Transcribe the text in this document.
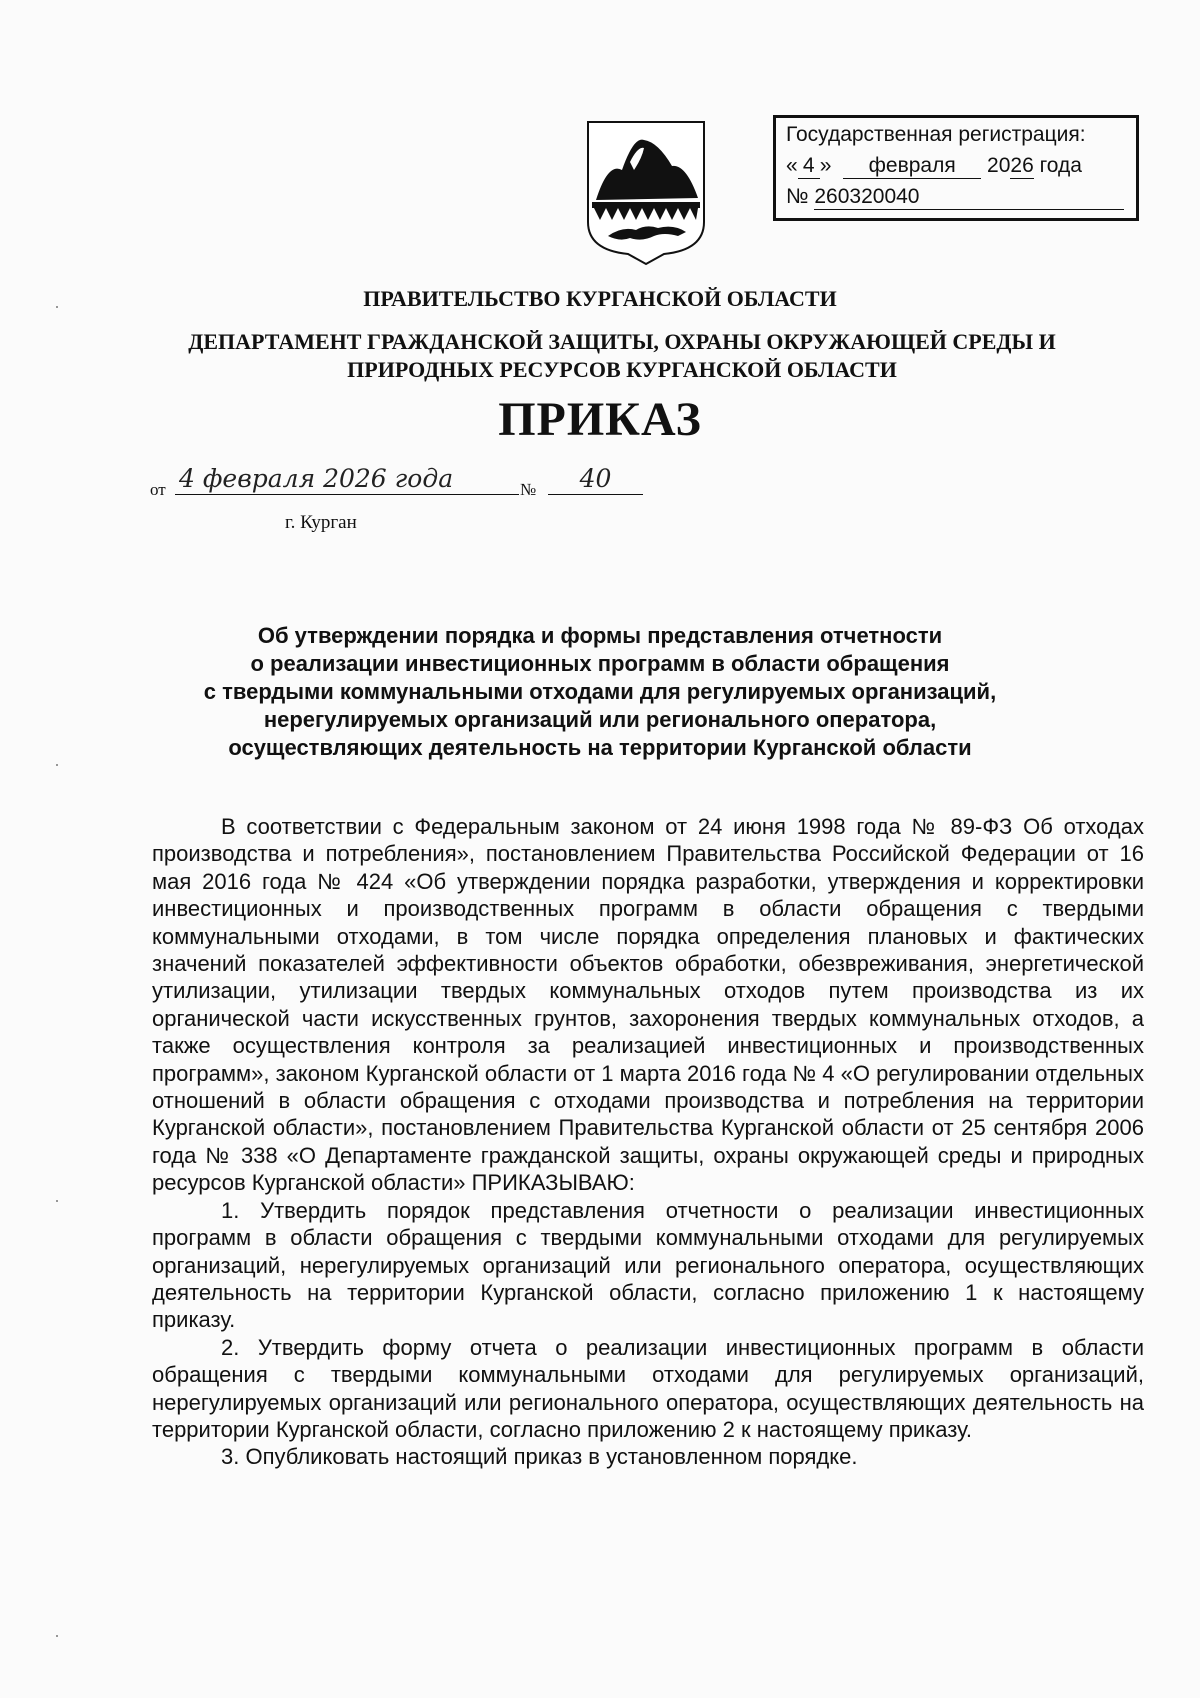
Государственная регистрация:
« 4 » февраля 2026 года
№ 260320040
ПРАВИТЕЛЬСТВО КУРГАНСКОЙ ОБЛАСТИ
ДЕПАРТАМЕНТ ГРАЖДАНСКОЙ ЗАЩИТЫ, ОХРАНЫ ОКРУЖАЮЩЕЙ СРЕДЫ И
ПРИРОДНЫХ РЕСУРСОВ КУРГАНСКОЙ ОБЛАСТИ
ПРИКАЗ
от 4 февраля 2026 года	№	40
г. Курган
Об утверждении порядка и формы представления отчетности
о реализации инвестиционных программ в области обращения
с твердыми коммунальными отходами для регулируемых организаций,
нерегулируемых организаций или регионального оператора,
осуществляющих деятельность на территории Курганской области

В соответствии с Федеральным законом от 24 июня 1998 года № 89-ФЗ Об отходах производства и потребления», постановлением Правительства Российской Федерации от 16 мая 2016 года № 424 «Об утверждении порядка разработки, утверждения и корректировки инвестиционных и производственных программ в области обращения с твердыми коммунальными отходами, в том числе порядка определения плановых и фактических значений показателей эффективности объектов обработки, обезвреживания, энергетической утилизации, утилизации твердых коммунальных отходов путем производства из их органической части искусственных грунтов, захоронения твердых коммунальных отходов, а также осуществления контроля за реализацией инвестиционных и производственных программ», законом Курганской области от 1 марта 2016 года № 4 «О регулировании отдельных отношений в области обращения с отходами производства и потребления на территории Курганской области», постановлением Правительства Курганской области от 25 сентября 2006 года № 338 «О Департаменте гражданской защиты, охраны окружающей среды и природных ресурсов Курганской области» ПРИКАЗЫВАЮ:

1. Утвердить порядок представления отчетности о реализации инвестиционных программ в области обращения с твердыми коммунальными отходами для регулируемых организаций, нерегулируемых организаций или регионального оператора, осуществляющих деятельность на территории Курганской области, согласно приложению 1 к настоящему приказу.

2. Утвердить форму отчета о реализации инвестиционных программ в области обращения с твердыми коммунальными отходами для регулируемых организаций, нерегулируемых организаций или регионального оператора, осуществляющих деятельность на территории Курганской области, согласно приложению 2 к настоящему приказу.

3. Опубликовать настоящий приказ в установленном порядке.
